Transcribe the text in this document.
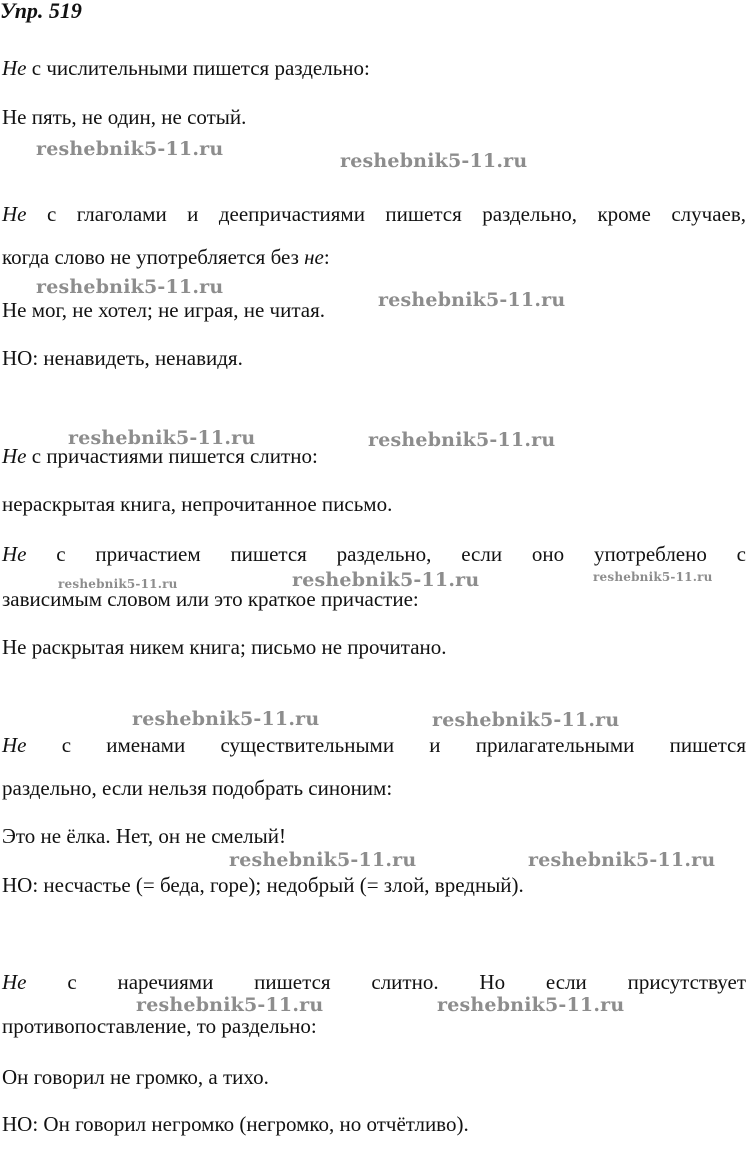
Упр. 519
Не с числительными пишется раздельно:
Не пять, не один, не сотый.
Не с глаголами и деепричастиями пишется раздельно, кроме случаев,
когда слово не употребляется без не:
Не мог, не хотел; не играя, не читая.
НО: ненавидеть, ненавидя.
Не с причастиями пишется слитно:
нераскрытая книга, непрочитанное письмо.
Не с причастием пишется раздельно, если оно употреблено с
зависимым словом или это краткое причастие:
Не раскрытая никем книга; письмо не прочитано.
Не с именами существительными и прилагательными пишется
раздельно, если нельзя подобрать синоним:
Это не ёлка. Нет, он не смелый!
НО: несчастье (= беда, горе); недобрый (= злой, вредный).
Не с наречиями пишется слитно. Но если присутствует
противопоставление, то раздельно:
Он говорил не громко, а тихо.
НО: Он говорил негромко (негромко, но отчётливо).
reshebnik5-11.ru
reshebnik5-11.ru
reshebnik5-11.ru
reshebnik5-11.ru
reshebnik5-11.ru	reshebnik5-11.ru
reshebnik5-11.ru	reshebnik5-11.ru	reshebnik5-11.ru
reshebnik5-11.ru	reshebnik5-11.ru
reshebnik5-11.ru	reshebnik5-11.ru
reshebnik5-11.ru	reshebnik5-11.ru
